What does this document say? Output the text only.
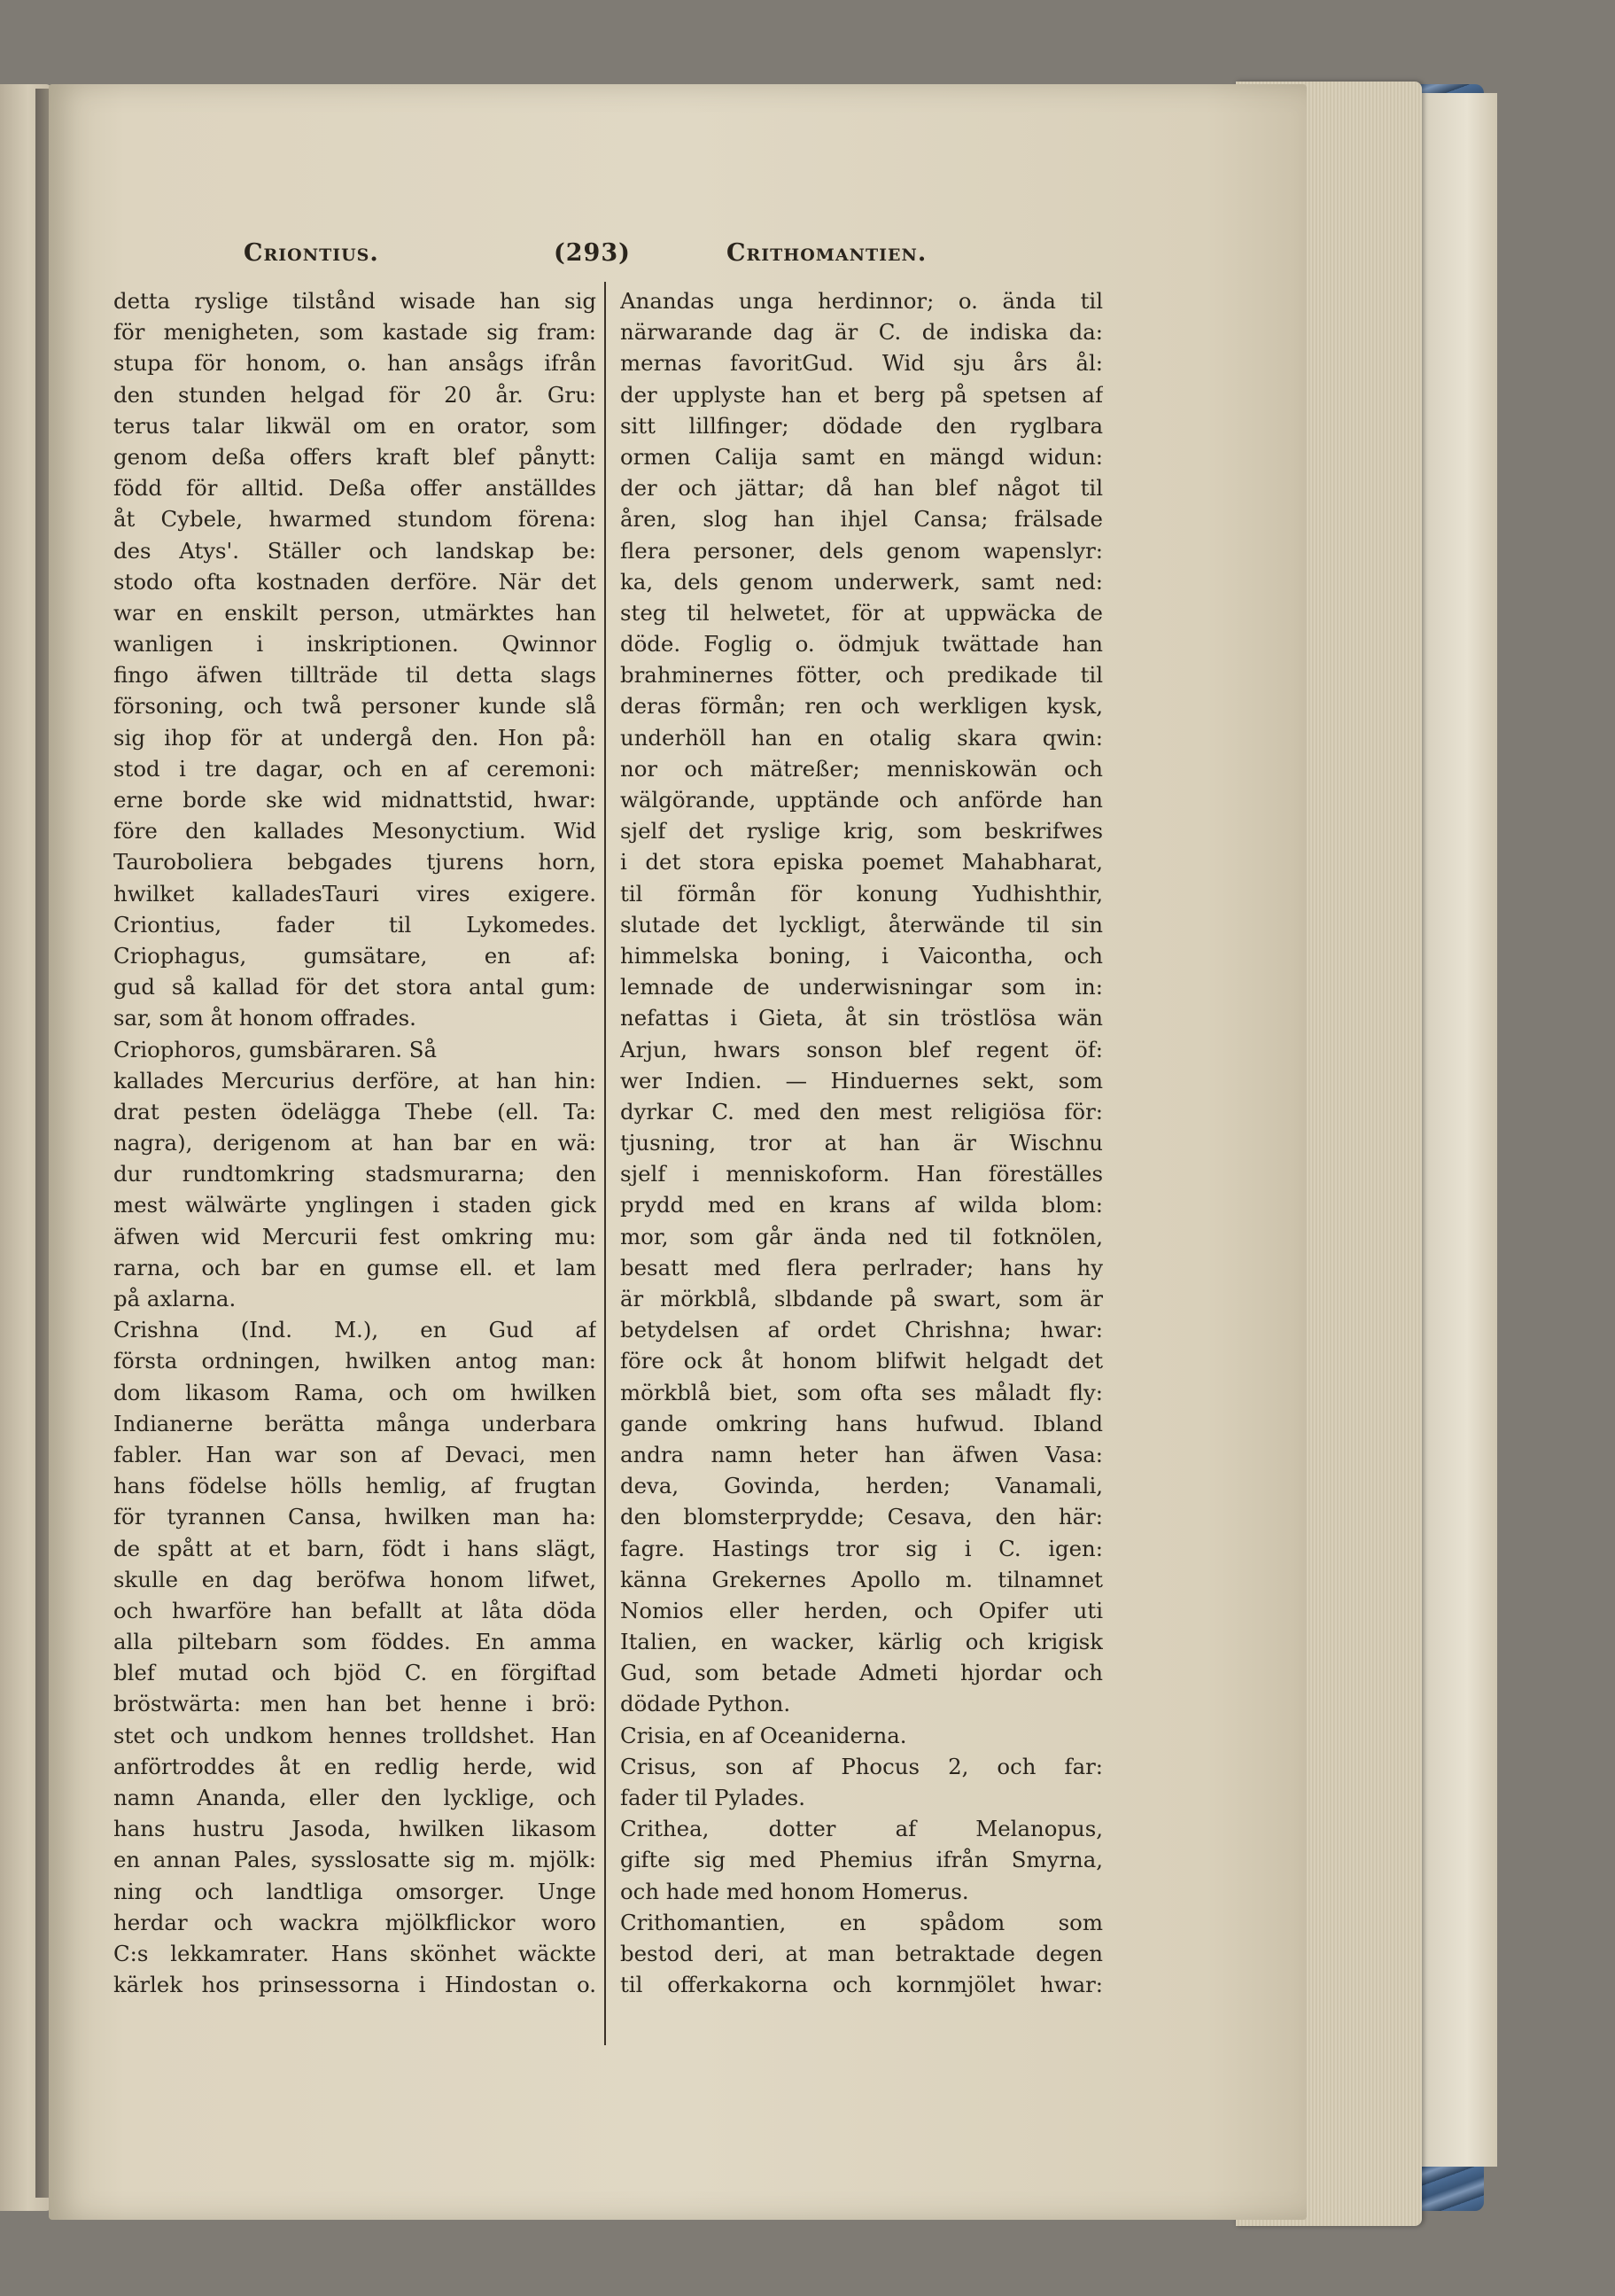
Criontius.	(293)	Crithomantien.
detta ryslige tilstånd wisade han sig
för menigheten, som kastade sig fram:
stupa för honom, o. han ansågs ifrån
den stunden helgad för 20 år. Gru:
terus talar likwäl om en orator, som
genom deßa offers kraft blef pånytt:
född för alltid. Deßa offer anställdes
åt Cybele, hwarmed stundom förena:
des Atys'. Ställer och landskap be:
stodo ofta kostnaden derföre. När det
war en enskilt person, utmärktes han
wanligen i inskriptionen. Qwinnor
fingo äfwen tillträde til detta slags
försoning, och twå personer kunde slå
sig ihop för at undergå den. Hon på:
stod i tre dagar, och en af ceremoni:
erne borde ske wid midnattstid, hwar:
före den kallades Mesonyctium. Wid
Tauroboliera bebgades tjurens horn,
hwilket kalladesTauri vires exigere.
Criontius, fader til Lykomedes.
Criophagus, gumsätare, en af:
gud så kallad för det stora antal gum:
sar, som åt honom offrades.
Criophoros, gumsbäraren. Så
kallades Mercurius derföre, at han hin:
drat pesten ödelägga Thebe (ell. Ta:
nagra), derigenom at han bar en wä:
dur rundtomkring stadsmurarna; den
mest wälwärte ynglingen i staden gick
äfwen wid Mercurii fest omkring mu:
rarna, och bar en gumse ell. et lam
på axlarna.
Crishna (Ind. M.), en Gud af
första ordningen, hwilken antog man:
dom likasom Rama, och om hwilken
Indianerne berätta många underbara
fabler. Han war son af Devaci, men
hans födelse hölls hemlig, af frugtan
för tyrannen Cansa, hwilken man ha:
de spått at et barn, födt i hans slägt,
skulle en dag beröfwa honom lifwet,
och hwarföre han befallt at låta döda
alla piltebarn som föddes. En amma
blef mutad och bjöd C. en förgiftad
bröstwärta: men han bet henne i brö:
stet och undkom hennes trolldshet. Han
anförtroddes åt en redlig herde, wid
namn Ananda, eller den lycklige, och
hans hustru Jasoda, hwilken likasom
en annan Pales, sysslosatte sig m. mjölk:
ning och landtliga omsorger. Unge
herdar och wackra mjölkflickor woro
C:s lekkamrater. Hans skönhet wäckte
kärlek hos prinsessorna i Hindostan o.
Anandas unga herdinnor; o. ända til
närwarande dag är C. de indiska da:
mernas favoritGud. Wid sju års ål:
der upplyste han et berg på spetsen af
sitt lillfinger; dödade den ryglbara
ormen Calija samt en mängd widun:
der och jättar; då han blef något til
åren, slog han ihjel Cansa; frälsade
flera personer, dels genom wapenslyr:
ka, dels genom underwerk, samt ned:
steg til helwetet, för at uppwäcka de
döde. Foglig o. ödmjuk twättade han
brahminernes fötter, och predikade til
deras förmån; ren och werkligen kysk,
underhöll han en otalig skara qwin:
nor och mätreßer; menniskowän och
wälgörande, upptände och anförde han
sjelf det ryslige krig, som beskrifwes
i det stora episka poemet Mahabharat,
til förmån för konung Yudhishthir,
slutade det lyckligt, återwände til sin
himmelska boning, i Vaicontha, och
lemnade de underwisningar som in:
nefattas i Gieta, åt sin tröstlösa wän
Arjun, hwars sonson blef regent öf:
wer Indien. — Hinduernes sekt, som
dyrkar C. med den mest religiösa för:
tjusning, tror at han är Wischnu
sjelf i menniskoform. Han föreställes
prydd med en krans af wilda blom:
mor, som går ända ned til fotknölen,
besatt med flera perlrader; hans hy
är mörkblå, slbdande på swart, som är
betydelsen af ordet Chrishna; hwar:
före ock åt honom blifwit helgadt det
mörkblå biet, som ofta ses måladt fly:
gande omkring hans hufwud. Ibland
andra namn heter han äfwen Vasa:
deva, Govinda, herden; Vanamali,
den blomsterprydde; Cesava, den här:
fagre. Hastings tror sig i C. igen:
känna Grekernes Apollo m. tilnamnet
Nomios eller herden, och Opifer uti
Italien, en wacker, kärlig och krigisk
Gud, som betade Admeti hjordar och
dödade Python.
Crisia, en af Oceaniderna.
Crisus, son af Phocus 2, och far:
fader til Pylades.
Crithea, dotter af Melanopus,
gifte sig med Phemius ifrån Smyrna,
och hade med honom Homerus.
Crithomantien, en spådom som
bestod deri, at man betraktade degen
til offerkakorna och kornmjölet hwar:
